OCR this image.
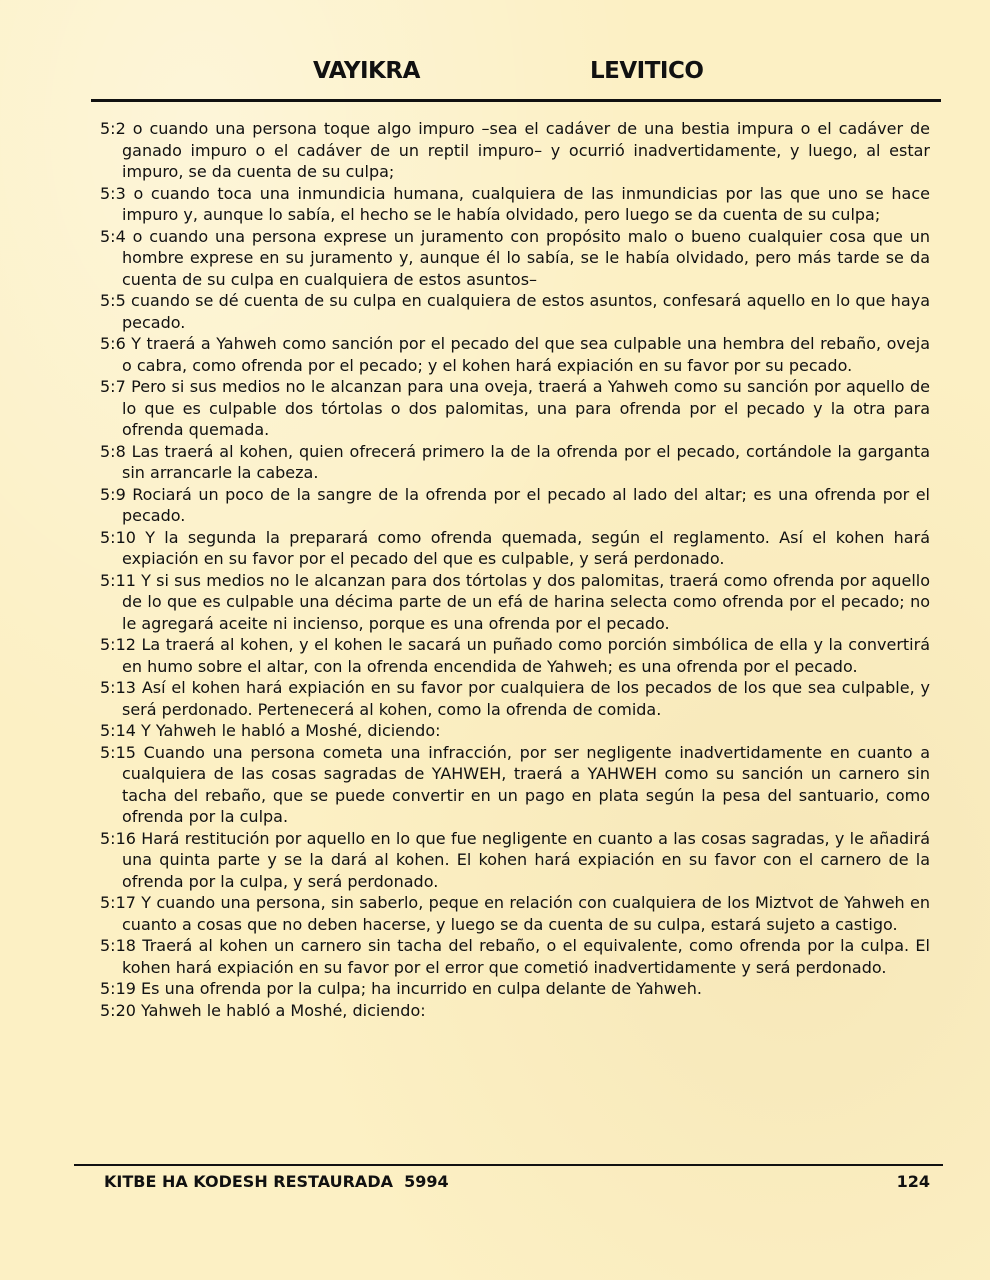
VAYIKRA	LEVITICO

5:2 o cuando una persona toque algo impuro –sea el cadáver de una bestia impura o el cadáver de ganado impuro o el cadáver de un reptil impuro– y ocurrió inadvertidamente, y luego, al estar impuro, se da cuenta de su culpa;

5:3 o cuando toca una inmundicia humana, cualquiera de las inmundicias por las que uno se hace impuro y, aunque lo sabía, el hecho se le había olvidado, pero luego se da cuenta de su culpa;

5:4 o cuando una persona exprese un juramento con propósito malo o bueno cualquier cosa que un hombre exprese en su juramento y, aunque él lo sabía, se le había olvidado, pero más tarde se da cuenta de su culpa en cualquiera de estos asuntos–

5:5 cuando se dé cuenta de su culpa en cualquiera de estos asuntos, confesará aquello en lo que haya pecado.

5:6 Y traerá a Yahweh como sanción por el pecado del que sea culpable una hembra del rebaño, oveja o cabra, como ofrenda por el pecado; y el kohen hará expiación en su favor por su pecado.

5:7 Pero si sus medios no le alcanzan para una oveja, traerá a Yahweh como su sanción por aquello de lo que es culpable dos tórtolas o dos palomitas, una para ofrenda por el pecado y la otra para ofrenda quemada.

5:8 Las traerá al kohen, quien ofrecerá primero la de la ofrenda por el pecado, cortándole la garganta sin arrancarle la cabeza.

5:9 Rociará un poco de la sangre de la ofrenda por el pecado al lado del altar; es una ofrenda por el pecado.

5:10 Y la segunda la preparará como ofrenda quemada, según el reglamento. Así el kohen hará expiación en su favor por el pecado del que es culpable, y será perdonado.

5:11 Y si sus medios no le alcanzan para dos tórtolas y dos palomitas, traerá como ofrenda por aquello de lo que es culpable una décima parte de un efá de harina selecta como ofrenda por el pecado; no le agregará aceite ni incienso, porque es una ofrenda por el pecado.

5:12 La traerá al kohen, y el kohen le sacará un puñado como porción simbólica de ella y la convertirá en humo sobre el altar, con la ofrenda encendida de Yahweh; es una ofrenda por el pecado.

5:13 Así el kohen hará expiación en su favor por cualquiera de los pecados de los que sea culpable, y será perdonado. Pertenecerá al kohen, como la ofrenda de comida.

5:14 Y Yahweh le habló a Moshé, diciendo:

5:15 Cuando una persona cometa una infracción, por ser negligente inadvertidamente en cuanto a cualquiera de las cosas sagradas de YAHWEH, traerá a YAHWEH como su sanción un carnero sin tacha del rebaño, que se puede convertir en un pago en plata según la pesa del santuario, como ofrenda por la culpa.

5:16 Hará restitución por aquello en lo que fue negligente en cuanto a las cosas sagradas, y le añadirá una quinta parte y se la dará al kohen. El kohen hará expiación en su favor con el carnero de la ofrenda por la culpa, y será perdonado.

5:17 Y cuando una persona, sin saberlo, peque en relación con cualquiera de los Miztvot de Yahweh en cuanto a cosas que no deben hacerse, y luego se da cuenta de su culpa, estará sujeto a castigo.

5:18 Traerá al kohen un carnero sin tacha del rebaño, o el equivalente, como ofrenda por la culpa. El kohen hará expiación en su favor por el error que cometió inadvertidamente y será perdonado.

5:19 Es una ofrenda por la culpa; ha incurrido en culpa delante de Yahweh.

5:20 Yahweh le habló a Moshé, diciendo:

KITBE HA KODESH RESTAURADA  5994	124
